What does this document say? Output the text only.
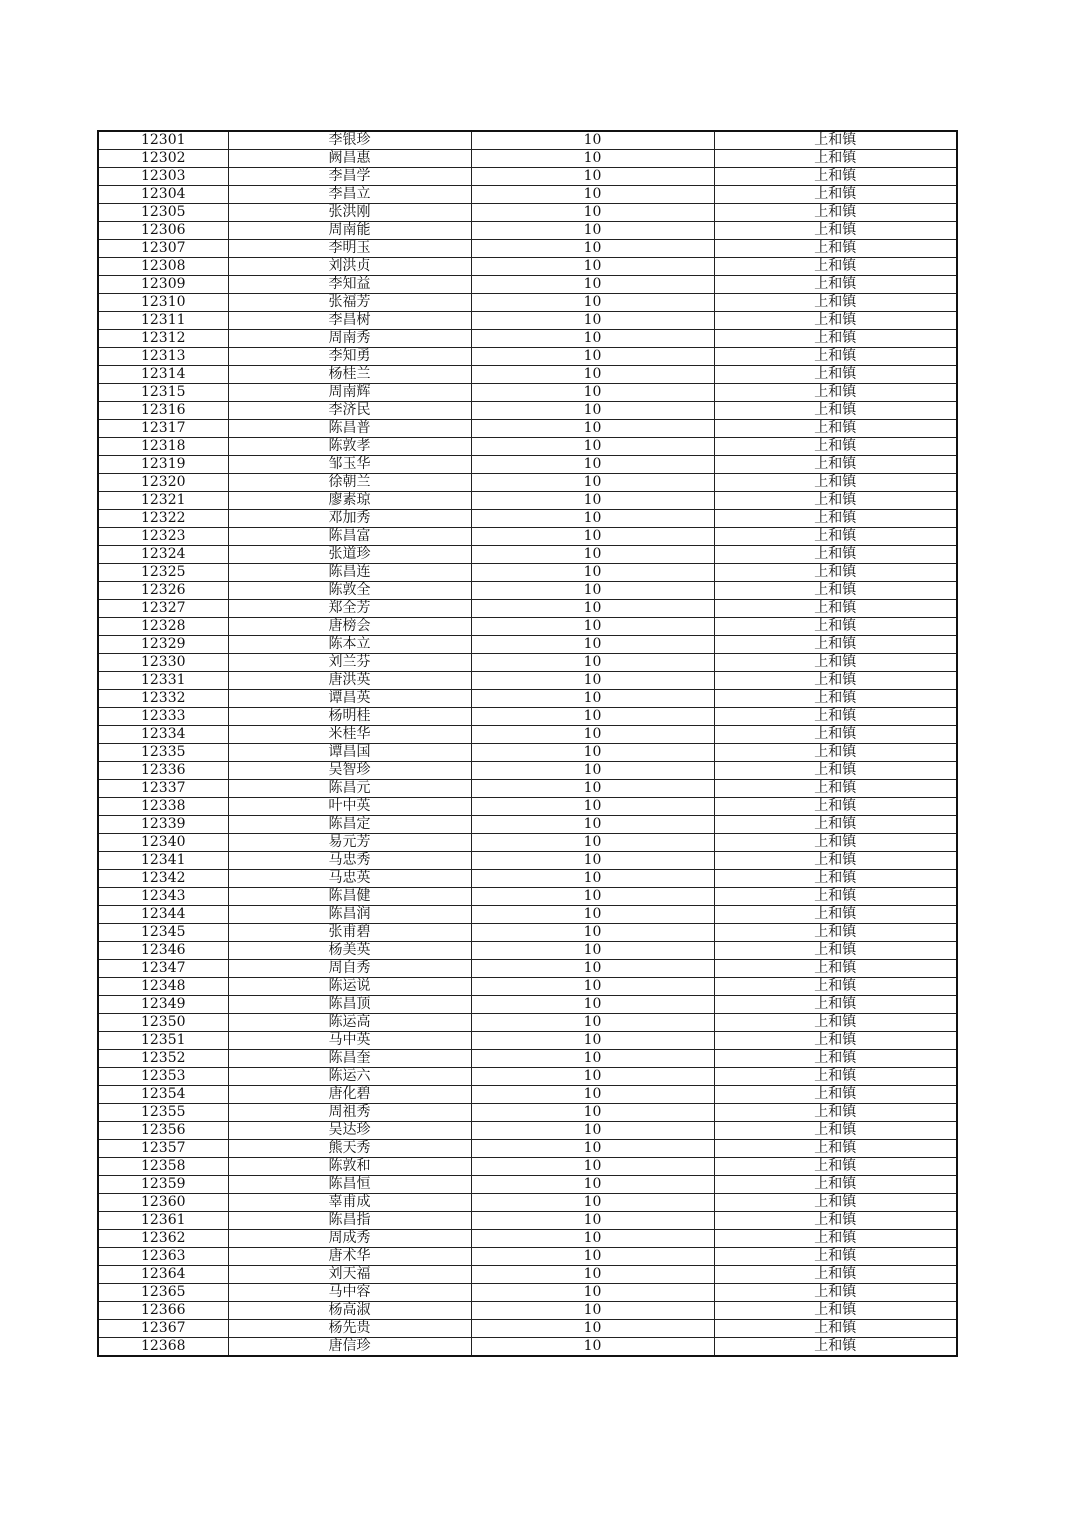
12301	李银珍	10	上和镇
12302	阙昌惠	10	上和镇
12303	李昌学	10	上和镇
12304	李昌立	10	上和镇
12305	张洪刚	10	上和镇
12306	周南能	10	上和镇
12307	李明玉	10	上和镇
12308	刘洪贞	10	上和镇
12309	李知益	10	上和镇
12310	张福芳	10	上和镇
12311	李昌树	10	上和镇
12312	周南秀	10	上和镇
12313	李知勇	10	上和镇
12314	杨桂兰	10	上和镇
12315	周南辉	10	上和镇
12316	李济民	10	上和镇
12317	陈昌普	10	上和镇
12318	陈敦孝	10	上和镇
12319	邹玉华	10	上和镇
12320	徐朝兰	10	上和镇
12321	廖素琼	10	上和镇
12322	邓加秀	10	上和镇
12323	陈昌富	10	上和镇
12324	张道珍	10	上和镇
12325	陈昌连	10	上和镇
12326	陈敦全	10	上和镇
12327	郑全芳	10	上和镇
12328	唐榜会	10	上和镇
12329	陈本立	10	上和镇
12330	刘兰芬	10	上和镇
12331	唐洪英	10	上和镇
12332	谭昌英	10	上和镇
12333	杨明桂	10	上和镇
12334	米桂华	10	上和镇
12335	谭昌国	10	上和镇
12336	吴智珍	10	上和镇
12337	陈昌元	10	上和镇
12338	叶中英	10	上和镇
12339	陈昌定	10	上和镇
12340	易元芳	10	上和镇
12341	马忠秀	10	上和镇
12342	马忠英	10	上和镇
12343	陈昌健	10	上和镇
12344	陈昌润	10	上和镇
12345	张甫碧	10	上和镇
12346	杨美英	10	上和镇
12347	周自秀	10	上和镇
12348	陈运说	10	上和镇
12349	陈昌顶	10	上和镇
12350	陈运高	10	上和镇
12351	马中英	10	上和镇
12352	陈昌奎	10	上和镇
12353	陈运六	10	上和镇
12354	唐化碧	10	上和镇
12355	周祖秀	10	上和镇
12356	吴达珍	10	上和镇
12357	熊天秀	10	上和镇
12358	陈敦和	10	上和镇
12359	陈昌恒	10	上和镇
12360	辜甫成	10	上和镇
12361	陈昌指	10	上和镇
12362	周成秀	10	上和镇
12363	唐术华	10	上和镇
12364	刘天福	10	上和镇
12365	马中容	10	上和镇
12366	杨高淑	10	上和镇
12367	杨先贵	10	上和镇
12368	唐信珍	10	上和镇
